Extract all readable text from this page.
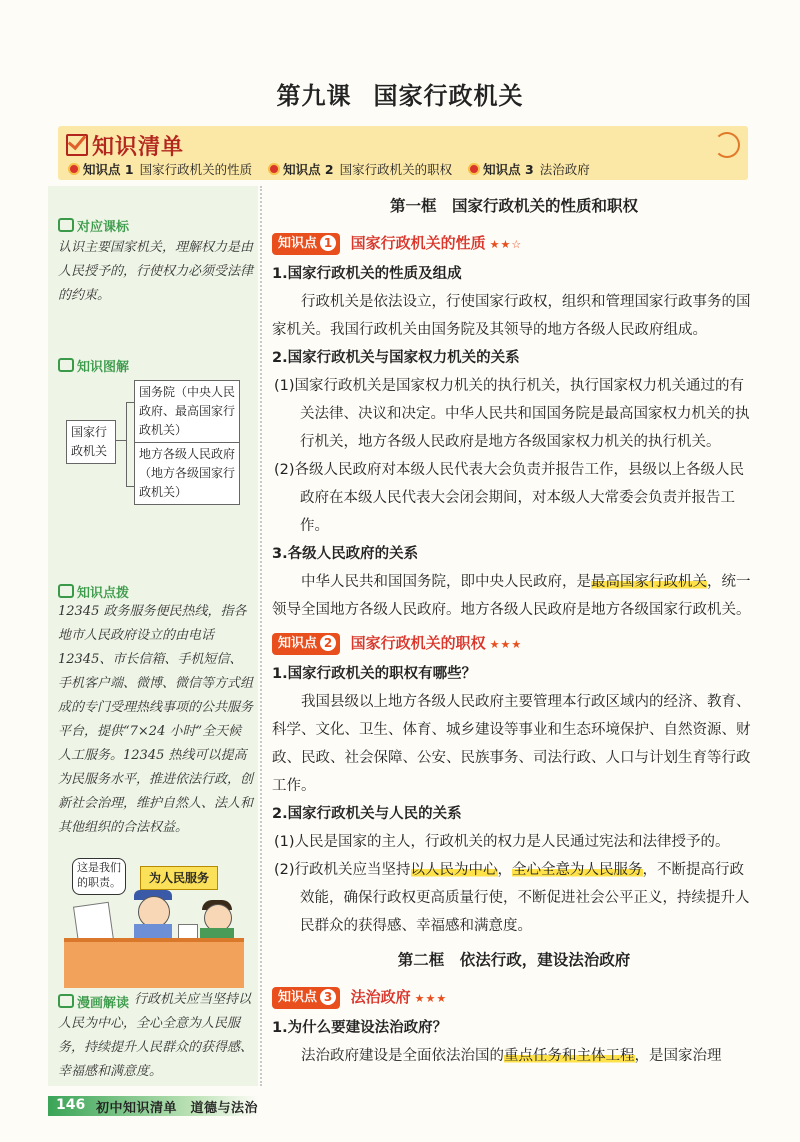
第九课 国家行政机关
知识清单
知识点 1 国家行政机关的性质 知识点 2 国家行政机关的职权 知识点 3 法治政府
对应课标

认识主要国家机关，理解权力是由人民授予的，行使权力必须受法律的约束。

知识图解
国家行政机关
国务院（中央人民政府、最高国家行政机关）
地方各级人民政府（地方各级国家行政机关）
知识点拨

12345 政务服务便民热线，指各地市人民政府设立的由电话 12345、市长信箱、手机短信、手机客户端、微博、微信等方式组成的专门受理热线事项的公共服务平台，提供“7×24 小时”全天候人工服务。12345 热线可以提高为民服务水平，推进依法行政，创新社会治理，维护自然人、法人和其他组织的合法权益。

这是我们的职责。	为人民服务
漫画解读 行政机关应当坚持以人民为中心，全心全意为人民服务，持续提升人民群众的获得感、幸福感和满意度。

第一框　国家行政机关的性质和职权
知识点 1 国家行政机关的性质 ★★☆

1.国家行政机关的性质及组成

行政机关是依法设立，行使国家行政权，组织和管理国家行政事务的国家机关。我国行政机关由国务院及其领导的地方各级人民政府组成。

2.国家行政机关与国家权力机关的关系

(1)国家行政机关是国家权力机关的执行机关，执行国家权力机关通过的有关法律、决议和决定。中华人民共和国国务院是最高国家权力机关的执行机关，地方各级人民政府是地方各级国家权力机关的执行机关。

(2)各级人民政府对本级人民代表大会负责并报告工作，县级以上各级人民政府在本级人民代表大会闭会期间，对本级人大常委会负责并报告工作。

3.各级人民政府的关系

中华人民共和国国务院，即中央人民政府，是最高国家行政机关，统一领导全国地方各级人民政府。地方各级人民政府是地方各级国家行政机关。

知识点 2 国家行政机关的职权 ★★★

1.国家行政机关的职权有哪些？

我国县级以上地方各级人民政府主要管理本行政区域内的经济、教育、科学、文化、卫生、体育、城乡建设等事业和生态环境保护、自然资源、财政、民政、社会保障、公安、民族事务、司法行政、人口与计划生育等行政工作。

2.国家行政机关与人民的关系

(1)人民是国家的主人，行政机关的权力是人民通过宪法和法律授予的。

(2)行政机关应当坚持以人民为中心，全心全意为人民服务，不断提高行政效能，确保行政权更高质量行使，不断促进社会公平正义，持续提升人民群众的获得感、幸福感和满意度。

第二框　依法行政，建设法治政府
知识点 3 法治政府 ★★★

1.为什么要建设法治政府？

法治政府建设是全面依法治国的重点任务和主体工程，是国家治理

146 初中知识清单　道德与法治
